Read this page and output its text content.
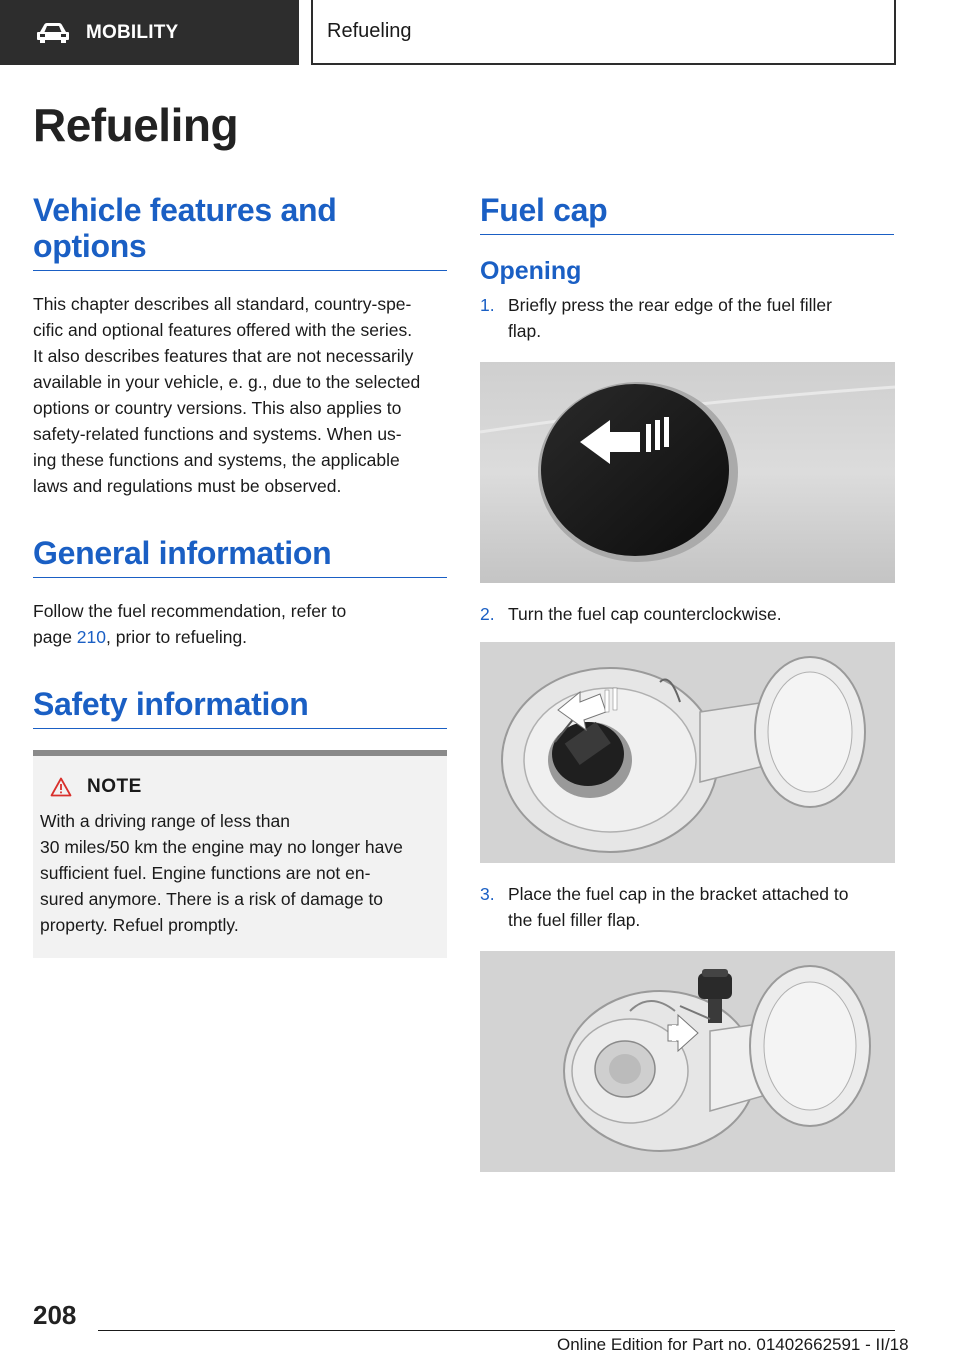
MOBILITY	Refueling
Refueling
Vehicle features and
options

This chapter describes all standard, country-spe‐

cific and optional features offered with the series.

It also describes features that are not necessarily

available in your vehicle, e. g., due to the selected

options or country versions. This also applies to

safety-related functions and systems. When us‐

ing these functions and systems, the applicable

laws and regulations must be observed.

General information

Follow the fuel recommendation, refer to

page 210, prior to refueling.

Safety information
NOTE

With a driving range of less than

30 miles/50 km the engine may no longer have

sufficient fuel. Engine functions are not en‐

sured anymore. There is a risk of damage to

property. Refuel promptly.

Fuel cap
Opening
1. Briefly press the rear edge of the fuel filler
flap.
2. Turn the fuel cap counterclockwise.
3. Place the fuel cap in the bracket attached to
the fuel filler flap.
208
Online Edition for Part no. 01402662591 - II/18
